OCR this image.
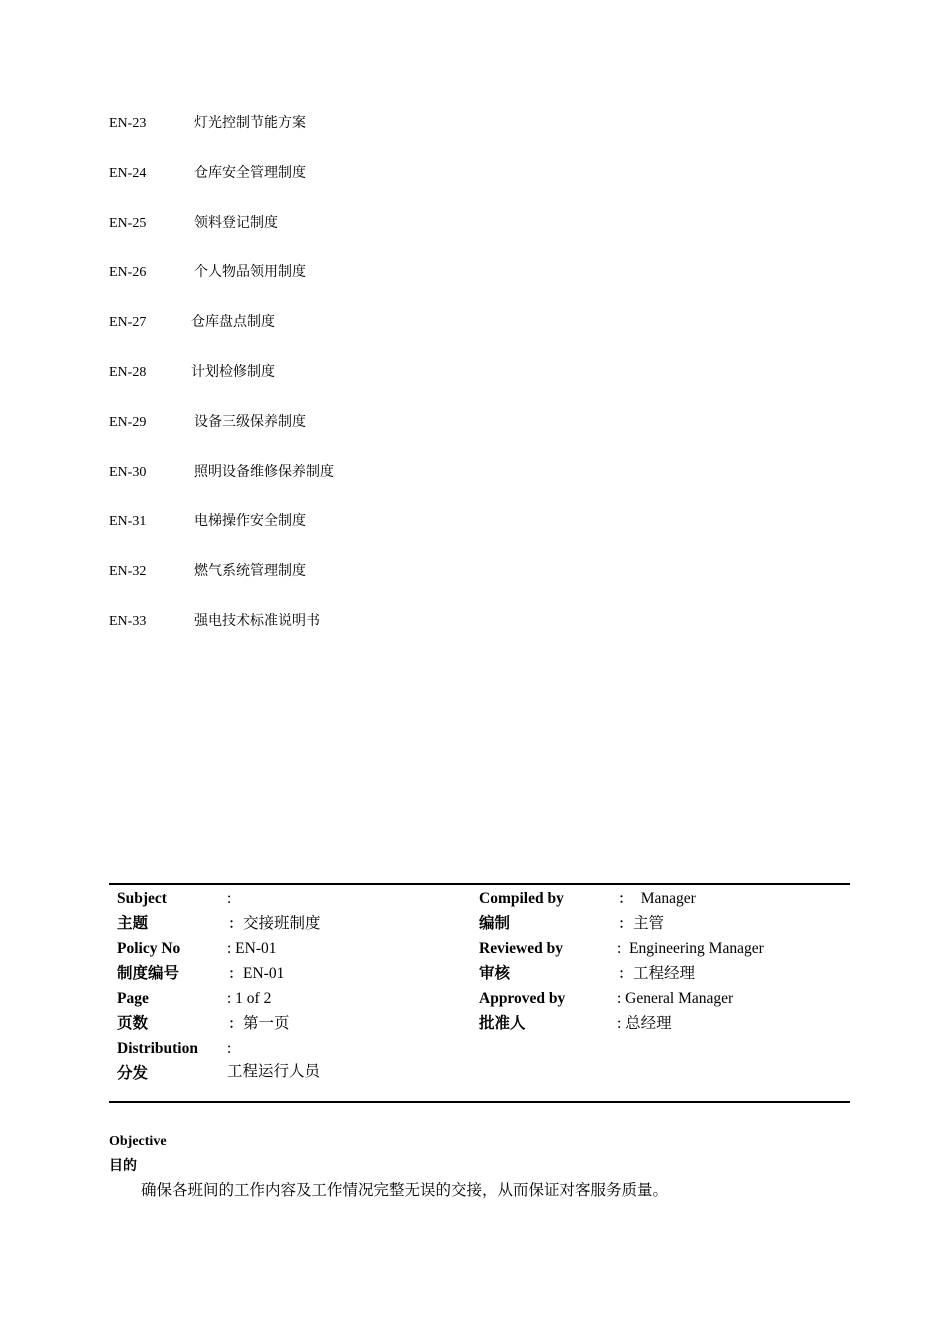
EN-23	灯光控制节能方案
EN-24	仓库安全管理制度
EN-25	领料登记制度
EN-26	个人物品领用制度
EN-27	仓库盘点制度
EN-28	计划检修制度
EN-29	设备三级保养制度
EN-30	照明设备维修保养制度
EN-31	电梯操作安全制度
EN-32	燃气系统管理制度
EN-33	强电技术标准说明书
Subject	:	Compiled by	： Manager
主题	：交接班制度	编制	：主管
Policy No	: EN-01	Reviewed by	:  Engineering Manager
制度编号	：EN-01	审核	：工程经理
Page	: 1 of 2	Approved by	: General Manager
页数	：第一页	批准人	: 总经理
Distribution :
分发	工程运行人员
Objective
目的
确保各班间的工作内容及工作情况完整无误的交接，从而保证对客服务质量。
